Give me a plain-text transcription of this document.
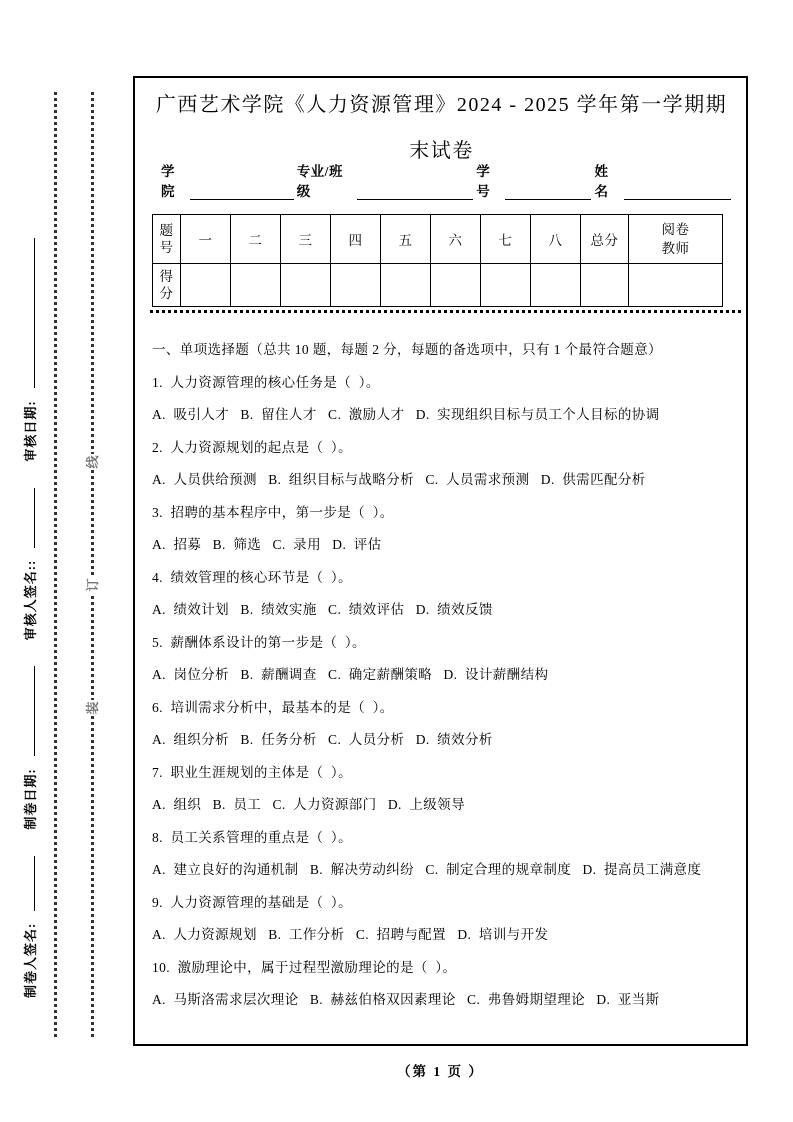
线
订
装
制卷人签名:制卷日期:审核人签名::审核日期:
广西艺术学院《人力资源管理》2024 - 2025 学年第一学期期末试卷
学院
专业/班级
学号
姓名
题号	一	二	三	四	五	六	七	八	总分	阅卷教师
得分										

一、单项选择题（总共 10 题，每题 2 分，每题的备选项中，只有 1 个最符合题意）

1.  人力资源管理的核心任务是（  ）。

A.  吸引人才   B.  留住人才   C.  激励人才   D.  实现组织目标与员工个人目标的协调

2.  人力资源规划的起点是（  ）。

A.  人员供给预测   B.  组织目标与战略分析   C.  人员需求预测   D.  供需匹配分析

3.  招聘的基本程序中，第一步是（  ）。

A.  招募   B.  筛选   C.  录用   D.  评估

4.  绩效管理的核心环节是（  ）。

A.  绩效计划   B.  绩效实施   C.  绩效评估   D.  绩效反馈

5.  薪酬体系设计的第一步是（  ）。

A.  岗位分析   B.  薪酬调查   C.  确定薪酬策略   D.  设计薪酬结构

6.  培训需求分析中，最基本的是（  ）。

A.  组织分析   B.  任务分析   C.  人员分析   D.  绩效分析

7.  职业生涯规划的主体是（  ）。

A.  组织   B.  员工   C.  人力资源部门   D.  上级领导

8.  员工关系管理的重点是（  ）。

A.  建立良好的沟通机制   B.  解决劳动纠纷   C.  制定合理的规章制度   D.  提高员工满意度

9.  人力资源管理的基础是（  ）。

A.  人力资源规划   B.  工作分析   C.  招聘与配置   D.  培训与开发

10.  激励理论中，属于过程型激励理论的是（  ）。

A.  马斯洛需求层次理论   B.  赫兹伯格双因素理论   C.  弗鲁姆期望理论   D.  亚当斯

（第 1 页 ）
